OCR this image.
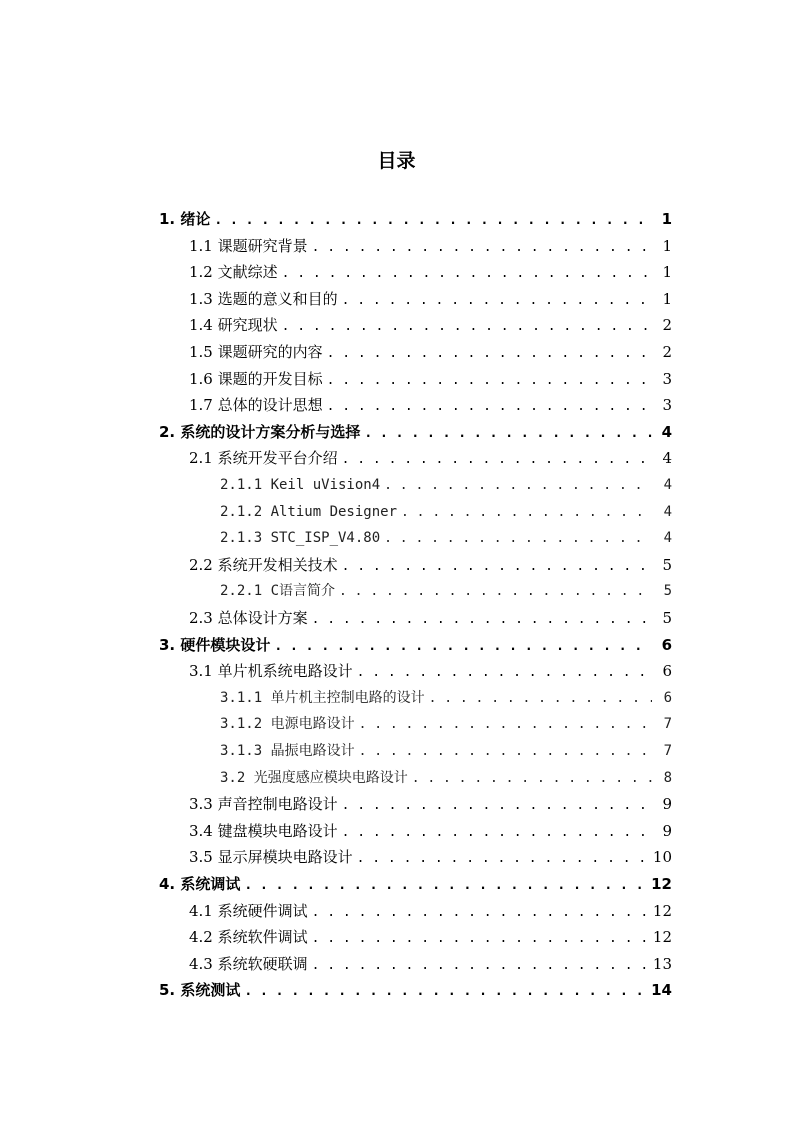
目录
1. 绪论 . . .	1
1.1 课题研究背景 . . .	1
1.2 文献综述 . . .	1
1.3 选题的意义和目的 . . .	1
1.4 研究现状 . . .	2
1.5 课题研究的内容 . . .	2
1.6 课题的开发目标 . . .	3
1.7 总体的设计思想 . . .	3
2. 系统的设计方案分析与选择 . . .	4
2.1 系统开发平台介绍 . . .	4
2.1.1 Keil uVision4 . . .	4
2.1.2 Altium Designer . . .	4
2.1.3 STC_ISP_V4.80 . . .	4
2.2 系统开发相关技术 . . .	5
2.2.1 C语言简介 . . .	5
2.3 总体设计方案 . . .	5
3. 硬件模块设计 . . .	6
3.1 单片机系统电路设计 . . .	6
3.1.1 单片机主控制电路的设计 . . .	6
3.1.2 电源电路设计 . . .	7
3.1.3 晶振电路设计 . . .	7
3.2 光强度感应模块电路设计 . . .	8
3.3 声音控制电路设计 . . .	9
3.4 键盘模块电路设计 . . .	9
3.5 显示屏模块电路设计 . . .	10
4. 系统调试 . . .	12
4.1 系统硬件调试 . . .	12
4.2 系统软件调试 . . .	12
4.3 系统软硬联调 . . .	13
5. 系统测试 . . .	14
